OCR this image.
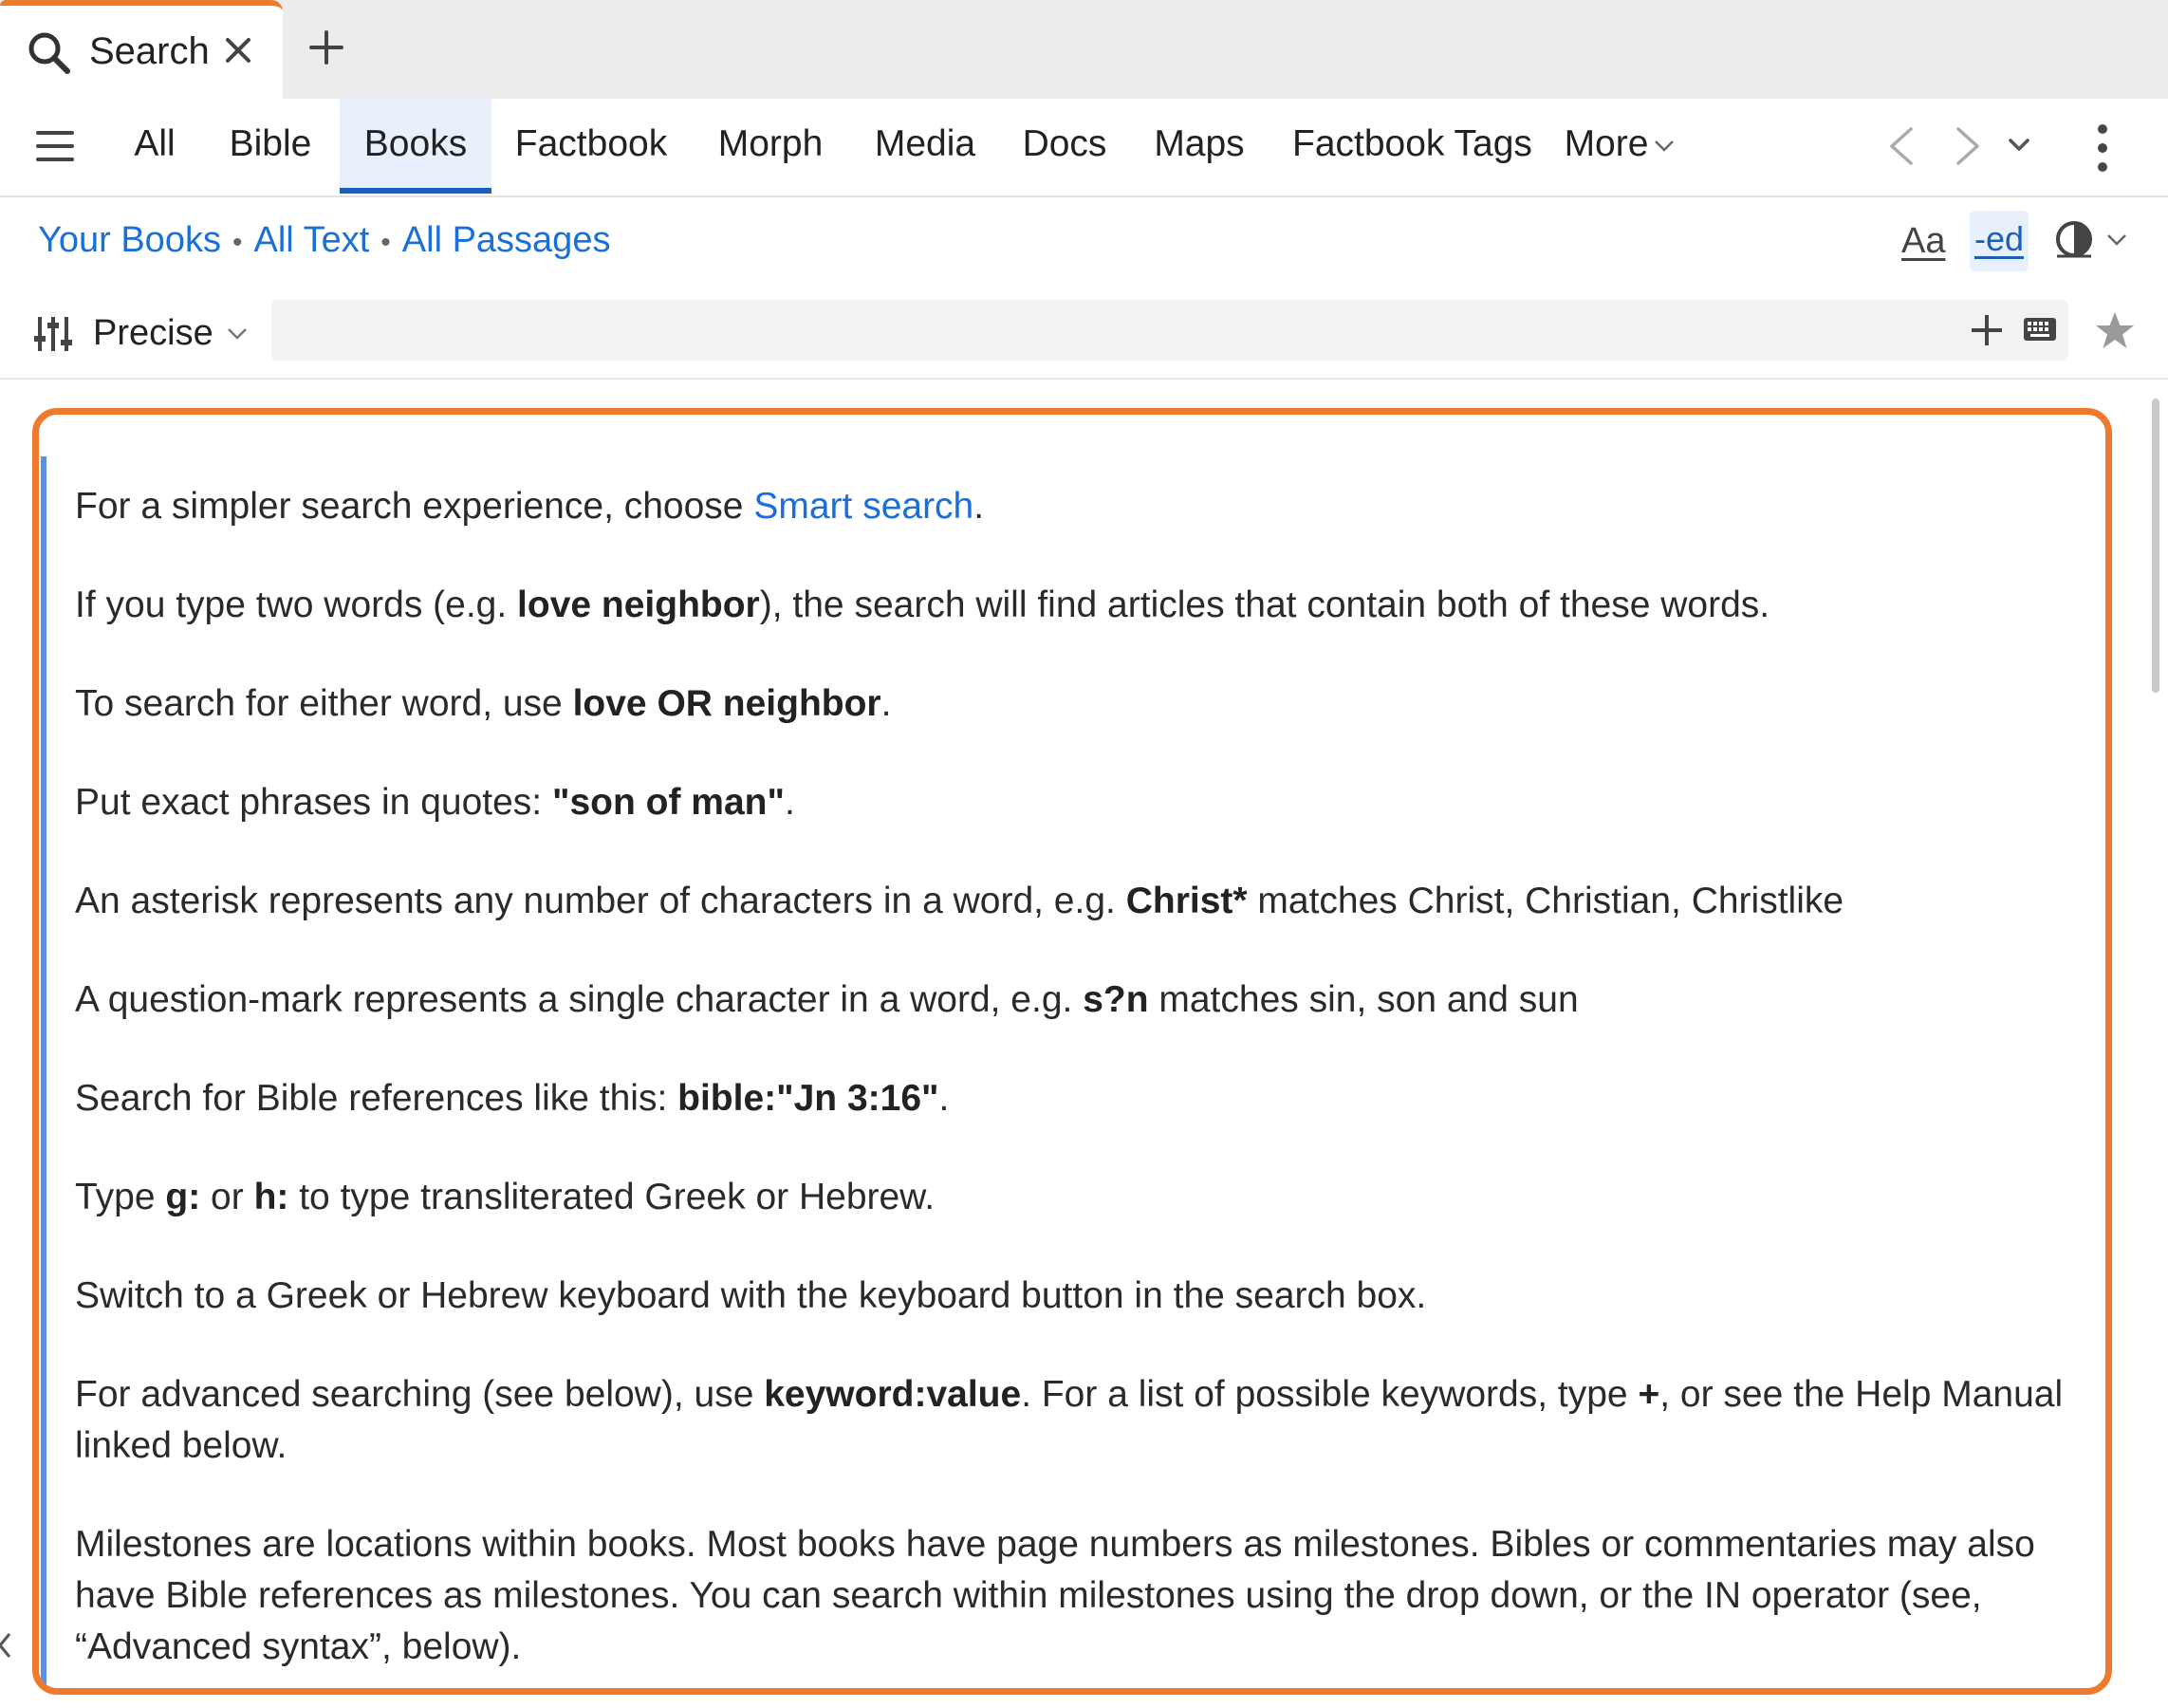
Search
All	Bible	Books	Factbook Morph Media Docs Maps Factbook Tags More
Your Books • All Text • All Passages	Aa -ed
Precise

For a simpler search experience, choose Smart search.

If you type two words (e.g. love neighbor), the search will find articles that contain both of these words.

To search for either word, use love OR neighbor.

Put exact phrases in quotes: "son of man".

An asterisk represents any number of characters in a word, e.g. Christ* matches Christ, Christian, Christlike

A question-mark represents a single character in a word, e.g. s?n matches sin, son and sun

Search for Bible references like this: bible:"Jn 3:16".

Type g: or h: to type transliterated Greek or Hebrew.

Switch to a Greek or Hebrew keyboard with the keyboard button in the search box.

For advanced searching (see below), use keyword:value. For a list of possible keywords, type +, or see the Help Manual linked below.

Milestones are locations within books. Most books have page numbers as milestones. Bibles or commentaries may also have Bible references as milestones. You can search within milestones using the drop down, or the IN operator (see, “Advanced syntax”, below).
